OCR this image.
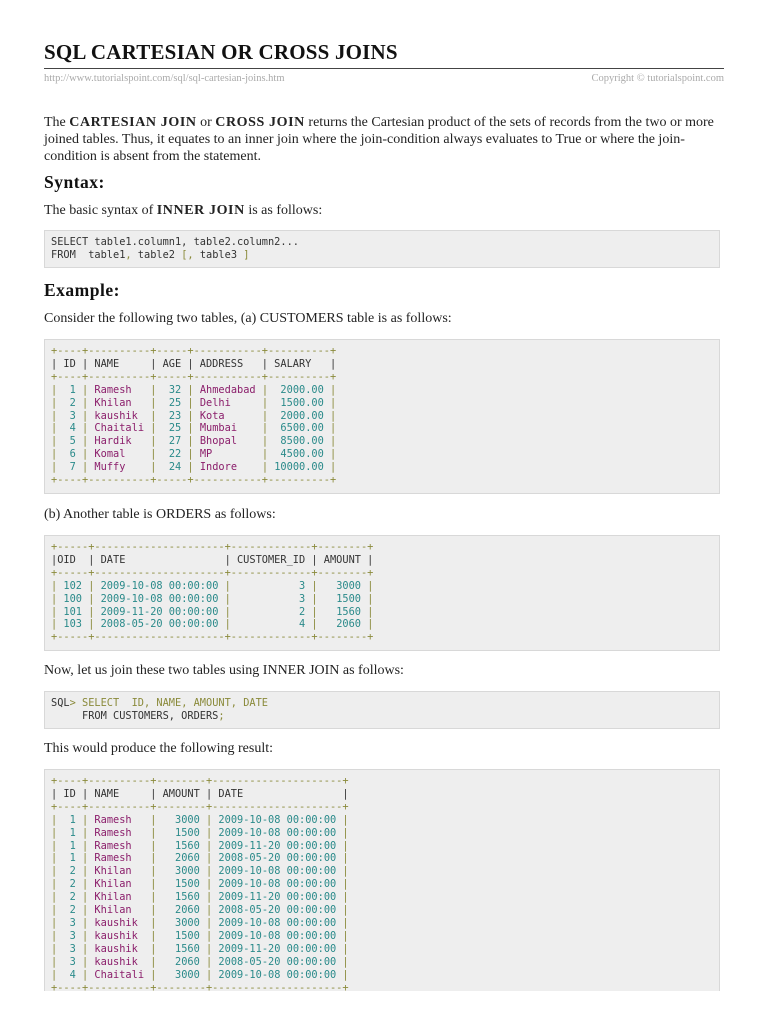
SQL CARTESIAN OR CROSS JOINS
http://www.tutorialspoint.com/sql/sql-cartesian-joins.htm	Copyright © tutorialspoint.com
The CARTESIAN JOIN or CROSS JOIN returns the Cartesian product of the sets of records from the two or more joined tables. Thus, it equates to an inner join where the join-condition always evaluates to True or where the join-condition is absent from the statement.
Syntax:
The basic syntax of INNER JOIN is as follows:
SELECT table1.column1, table2.column2...
FROM  table1, table2 [, table3 ]
Example:
Consider the following two tables, (a) CUSTOMERS table is as follows:
+----+----------+-----+-----------+----------+
| ID | NAME     | AGE | ADDRESS   | SALARY   |
+----+----------+-----+-----------+----------+
|  1 | Ramesh   |  32 | Ahmedabad |  2000.00 |
|  2 | Khilan   |  25 | Delhi     |  1500.00 |
|  3 | kaushik  |  23 | Kota      |  2000.00 |
|  4 | Chaitali |  25 | Mumbai    |  6500.00 |
|  5 | Hardik   |  27 | Bhopal    |  8500.00 |
|  6 | Komal    |  22 | MP        |  4500.00 |
|  7 | Muffy    |  24 | Indore    | 10000.00 |
+----+----------+-----+-----------+----------+
(b) Another table is ORDERS as follows:
+-----+---------------------+-------------+--------+
|OID  | DATE                | CUSTOMER_ID | AMOUNT |
+-----+---------------------+-------------+--------+
| 102 | 2009-10-08 00:00:00 |           3 |   3000 |
| 100 | 2009-10-08 00:00:00 |           3 |   1500 |
| 101 | 2009-11-20 00:00:00 |           2 |   1560 |
| 103 | 2008-05-20 00:00:00 |           4 |   2060 |
+-----+---------------------+-------------+--------+
Now, let us join these two tables using INNER JOIN as follows:
SQL> SELECT  ID, NAME, AMOUNT, DATE
FROM CUSTOMERS, ORDERS;
This would produce the following result:
+----+----------+--------+---------------------+
| ID | NAME     | AMOUNT | DATE                |
+----+----------+--------+---------------------+
|  1 | Ramesh   |   3000 | 2009-10-08 00:00:00 |
|  1 | Ramesh   |   1500 | 2009-10-08 00:00:00 |
|  1 | Ramesh   |   1560 | 2009-11-20 00:00:00 |
|  1 | Ramesh   |   2060 | 2008-05-20 00:00:00 |
|  2 | Khilan   |   3000 | 2009-10-08 00:00:00 |
|  2 | Khilan   |   1500 | 2009-10-08 00:00:00 |
|  2 | Khilan   |   1560 | 2009-11-20 00:00:00 |
|  2 | Khilan   |   2060 | 2008-05-20 00:00:00 |
|  3 | kaushik  |   3000 | 2009-10-08 00:00:00 |
|  3 | kaushik  |   1500 | 2009-10-08 00:00:00 |
|  3 | kaushik  |   1560 | 2009-11-20 00:00:00 |
|  3 | kaushik  |   2060 | 2008-05-20 00:00:00 |
|  4 | Chaitali |   3000 | 2009-10-08 00:00:00 |
+----+----------+--------+---------------------+
